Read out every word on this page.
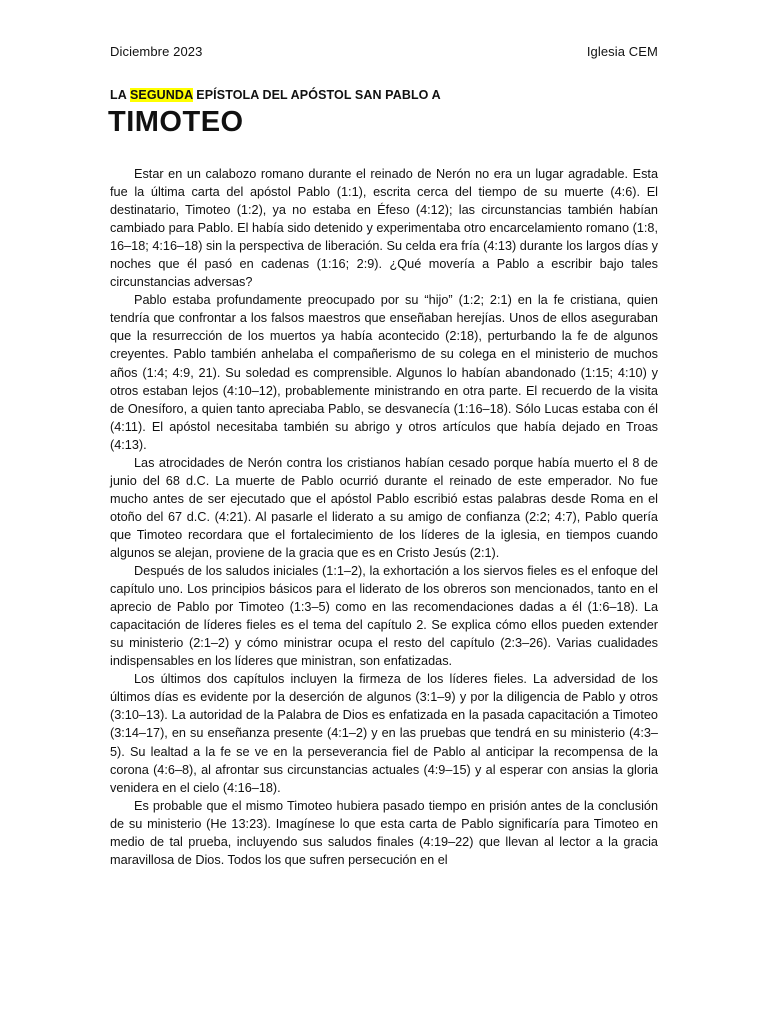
Diciembre 2023	Iglesia CEM
LA SEGUNDA EPÍSTOLA DEL APÓSTOL SAN PABLO A
TIMOTEO

Estar en un calabozo romano durante el reinado de Nerón no era un lugar agradable. Esta fue la última carta del apóstol Pablo (1:1), escrita cerca del tiempo de su muerte (4:6). El destinatario, Timoteo (1:2), ya no estaba en Éfeso (4:12); las circunstancias también habían cambiado para Pablo. El había sido detenido y experimentaba otro encarcelamiento romano (1:8, 16–18; 4:16–18) sin la perspectiva de liberación. Su celda era fría (4:13) durante los largos días y noches que él pasó en cadenas (1:16; 2:9). ¿Qué movería a Pablo a escribir bajo tales circunstancias adversas?

Pablo estaba profundamente preocupado por su “hijo” (1:2; 2:1) en la fe cristiana, quien tendría que confrontar a los falsos maestros que enseñaban herejías. Unos de ellos aseguraban que la resurrección de los muertos ya había acontecido (2:18), perturbando la fe de algunos creyentes. Pablo también anhelaba el compañerismo de su colega en el ministerio de muchos años (1:4; 4:9, 21). Su soledad es comprensible. Algunos lo habían abandonado (1:15; 4:10) y otros estaban lejos (4:10–12), probablemente ministrando en otra parte. El recuerdo de la visita de Onesíforo, a quien tanto apreciaba Pablo, se desvanecía (1:16–18). Sólo Lucas estaba con él (4:11). El apóstol necesitaba también su abrigo y otros artículos que había dejado en Troas (4:13).

Las atrocidades de Nerón contra los cristianos habían cesado porque había muerto el 8 de junio del 68 d.C. La muerte de Pablo ocurrió durante el reinado de este emperador. No fue mucho antes de ser ejecutado que el apóstol Pablo escribió estas palabras desde Roma en el otoño del 67 d.C. (4:21). Al pasarle el liderato a su amigo de confianza (2:2; 4:7), Pablo quería que Timoteo recordara que el fortalecimiento de los líderes de la iglesia, en tiempos cuando algunos se alejan, proviene de la gracia que es en Cristo Jesús (2:1).

Después de los saludos iniciales (1:1–2), la exhortación a los siervos fieles es el enfoque del capítulo uno. Los principios básicos para el liderato de los obreros son mencionados, tanto en el aprecio de Pablo por Timoteo (1:3–5) como en las recomendaciones dadas a él (1:6–18). La capacitación de líderes fieles es el tema del capítulo 2. Se explica cómo ellos pueden extender su ministerio (2:1–2) y cómo ministrar ocupa el resto del capítulo (2:3–26). Varias cualidades indispensables en los líderes que ministran, son enfatizadas.

Los últimos dos capítulos incluyen la firmeza de los líderes fieles. La adversidad de los últimos días es evidente por la deserción de algunos (3:1–9) y por la diligencia de Pablo y otros (3:10–13). La autoridad de la Palabra de Dios es enfatizada en la pasada capacitación a Timoteo (3:14–17), en su enseñanza presente (4:1–2) y en las pruebas que tendrá en su ministerio (4:3–5). Su lealtad a la fe se ve en la perseverancia fiel de Pablo al anticipar la recompensa de la corona (4:6–8), al afrontar sus circunstancias actuales (4:9–15) y al esperar con ansias la gloria venidera en el cielo (4:16–18).

Es probable que el mismo Timoteo hubiera pasado tiempo en prisión antes de la conclusión de su ministerio (He 13:23). Imagínese lo que esta carta de Pablo significaría para Timoteo en medio de tal prueba, incluyendo sus saludos finales (4:19–22) que llevan al lector a la gracia maravillosa de Dios. Todos los que sufren persecución en el
